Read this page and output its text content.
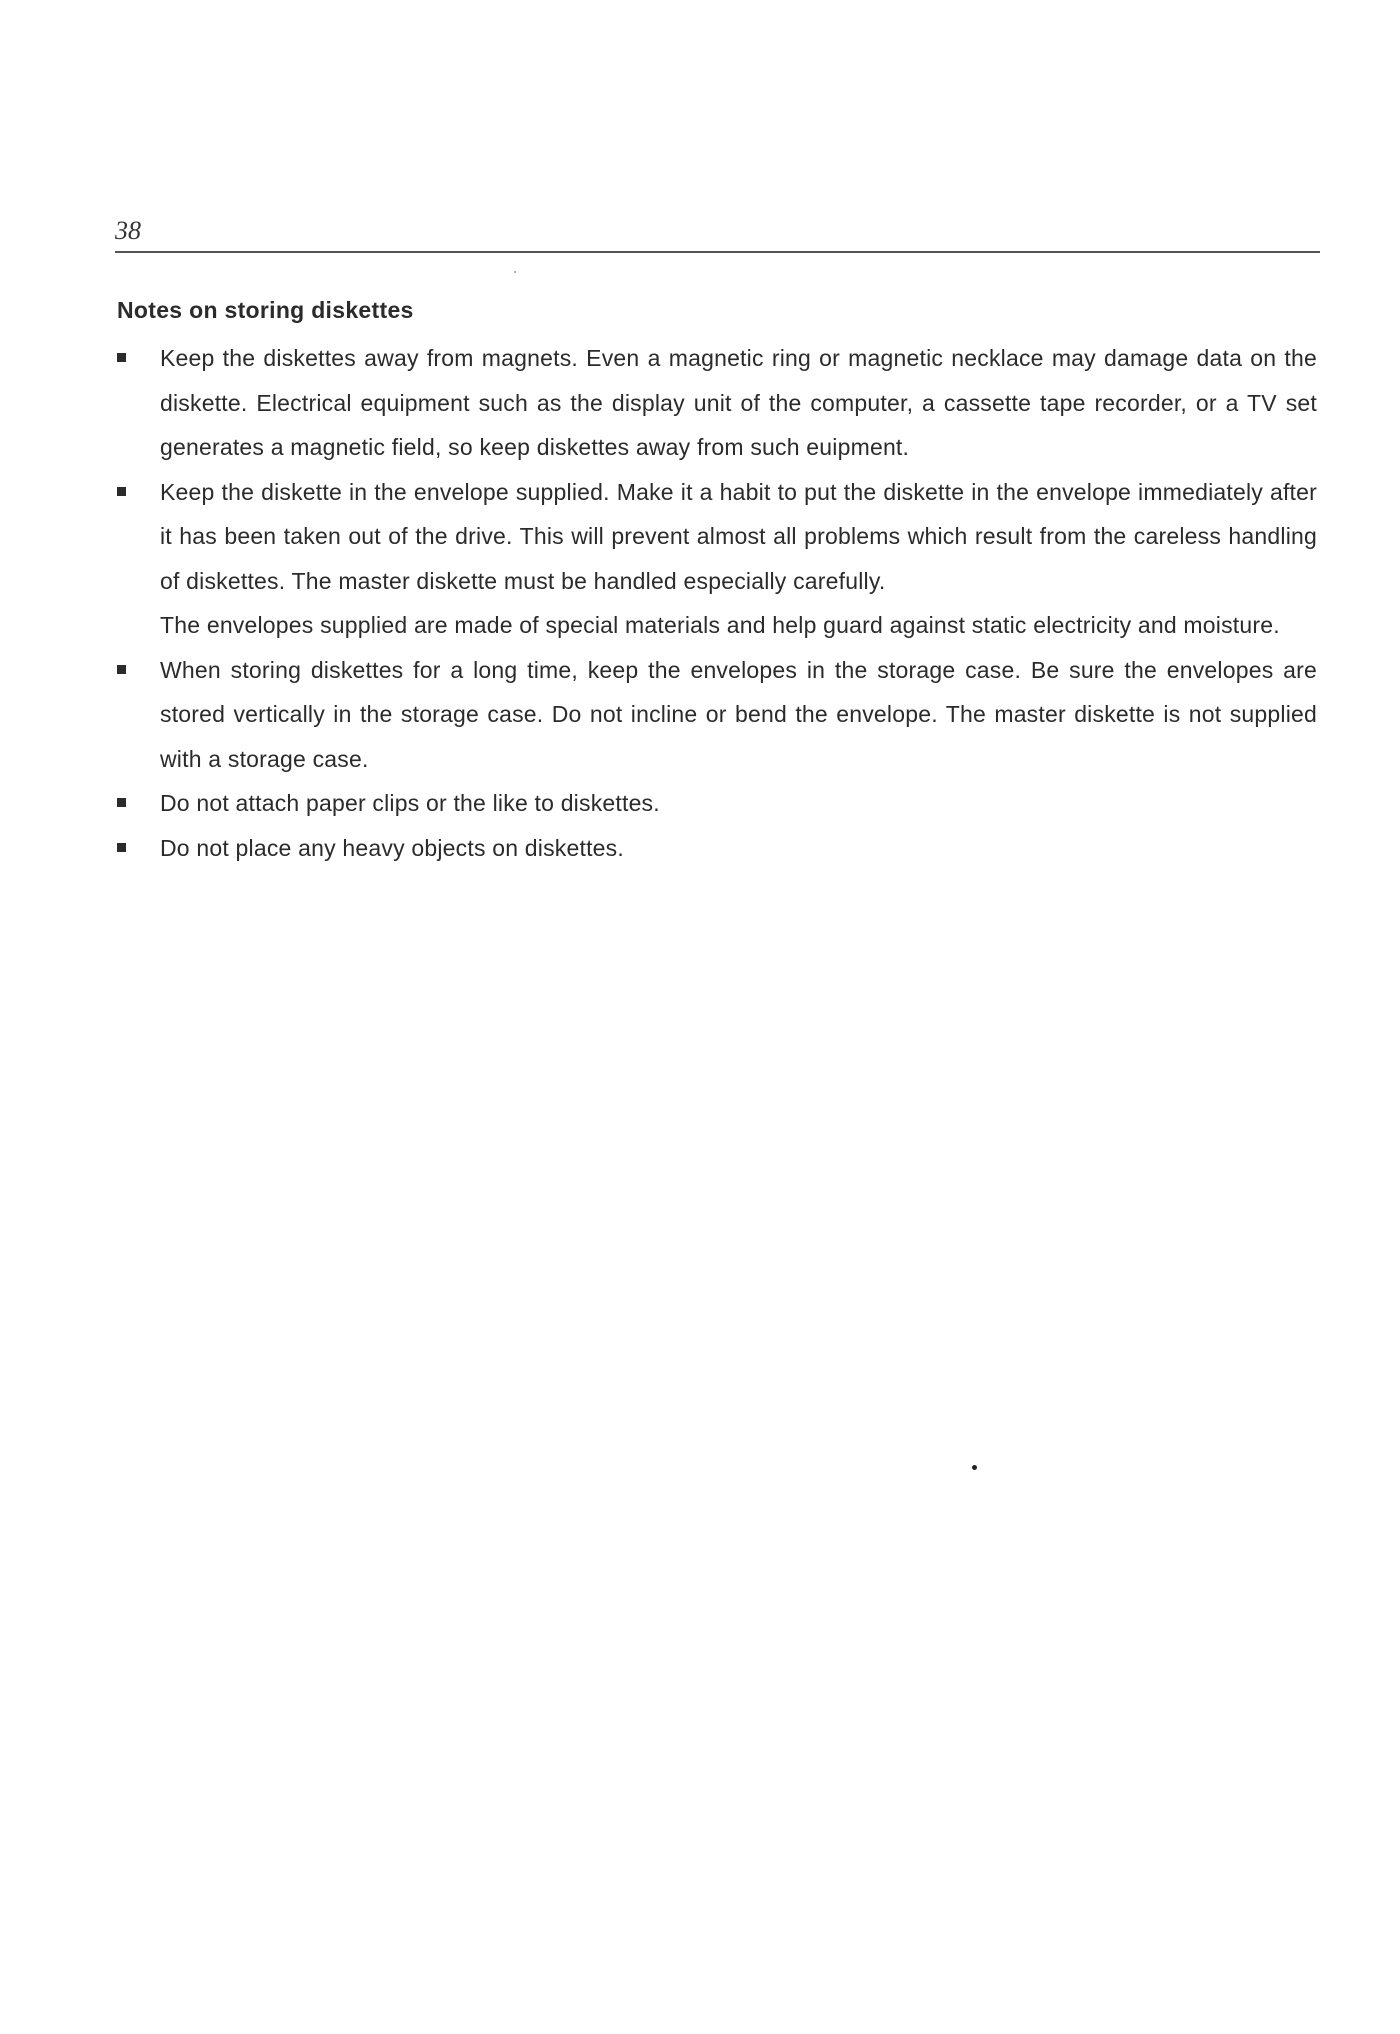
38
Notes on storing diskettes
Keep the diskettes away from magnets. Even a magnetic ring or magnetic necklace may damage data on the diskette. Electrical equipment such as the display unit of the computer, a cassette tape recorder, or a TV set generates a magnetic field, so keep diskettes away from such euipment.
Keep the diskette in the envelope supplied. Make it a habit to put the diskette in the envelope immediately after it has been taken out of the drive. This will prevent almost all problems which result from the careless handling of diskettes. The master diskette must be handled especially carefully.
The envelopes supplied are made of special materials and help guard against static electricity and moisture.
When storing diskettes for a long time, keep the envelopes in the storage case. Be sure the envelopes are stored vertically in the storage case. Do not incline or bend the envelope. The master diskette is not supplied with a storage case.
Do not attach paper clips or the like to diskettes.
Do not place any heavy objects on diskettes.
